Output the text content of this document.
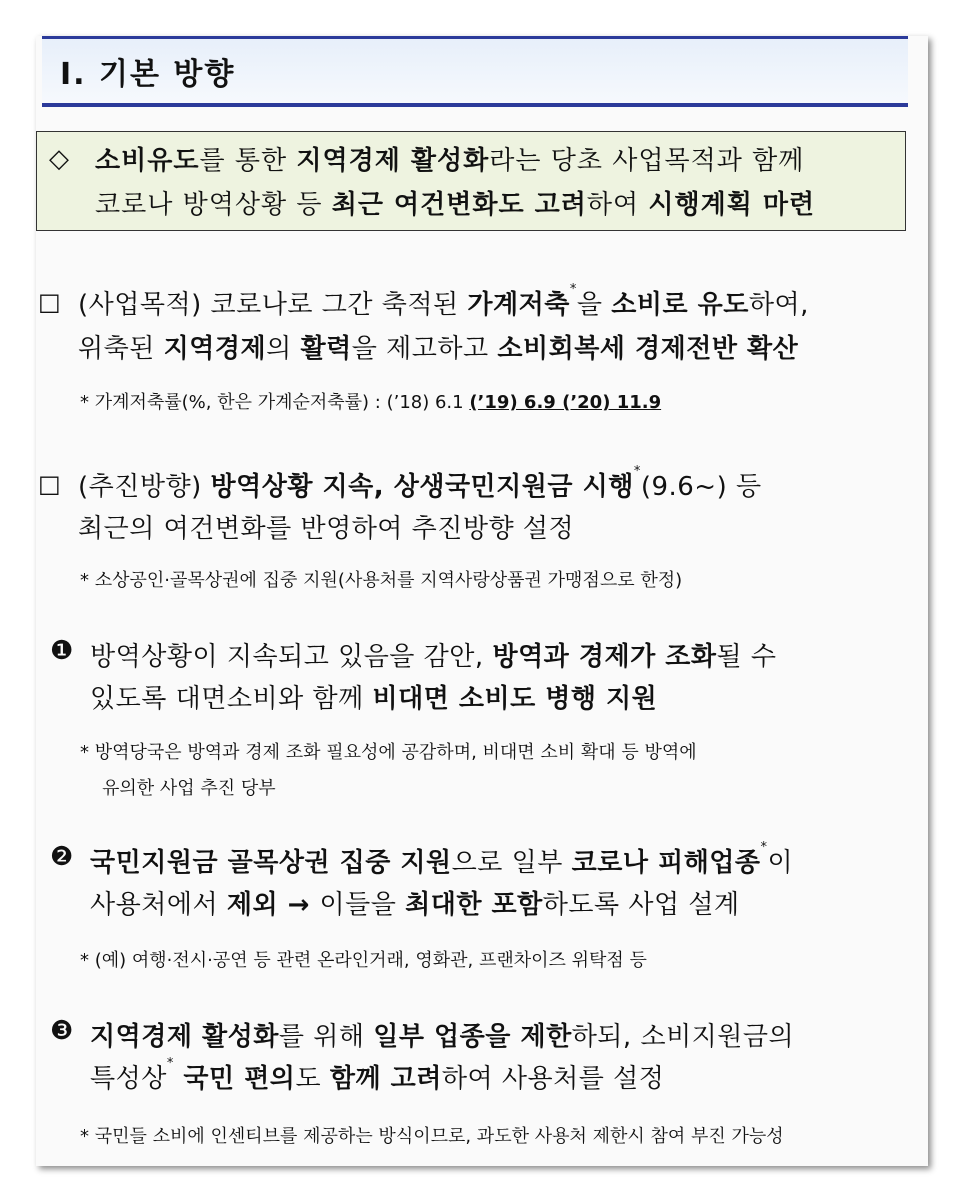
Ⅰ. 기본 방향
◇ 소비유도를 통한 지역경제 활성화라는 당초 사업목적과 함께
코로나 방역상황 등 최근 여건변화도 고려하여 시행계획 마련
□ (사업목적) 코로나로 그간 축적된 가계저축*을 소비로 유도하여,
위축된 지역경제의 활력을 제고하고 소비회복세 경제전반 확산
* 가계저축률(%, 한은 가계순저축률) : (’18) 6.1 (’19) 6.9 (’20) 11.9
□ (추진방향) 방역상황 지속, 상생국민지원금 시행*(9.6~) 등
최근의 여건변화를 반영하여 추진방향 설정
* 소상공인·골목상권에 집중 지원(사용처를 지역사랑상품권 가맹점으로 한정)
❶ 방역상황이 지속되고 있음을 감안, 방역과 경제가 조화될 수
있도록 대면소비와 함께 비대면 소비도 병행 지원
* 방역당국은 방역과 경제 조화 필요성에 공감하며, 비대면 소비 확대 등 방역에
유의한 사업 추진 당부
❷ 국민지원금 골목상권 집중 지원으로 일부 코로나 피해업종*이
사용처에서 제외 → 이들을 최대한 포함하도록 사업 설계
* (예) 여행·전시·공연 등 관련 온라인거래, 영화관, 프랜차이즈 위탁점 등
❸ 지역경제 활성화를 위해 일부 업종을 제한하되, 소비지원금의
특성상* 국민 편의도 함께 고려하여 사용처를 설정
* 국민들 소비에 인센티브를 제공하는 방식이므로, 과도한 사용처 제한시 참여 부진 가능성
